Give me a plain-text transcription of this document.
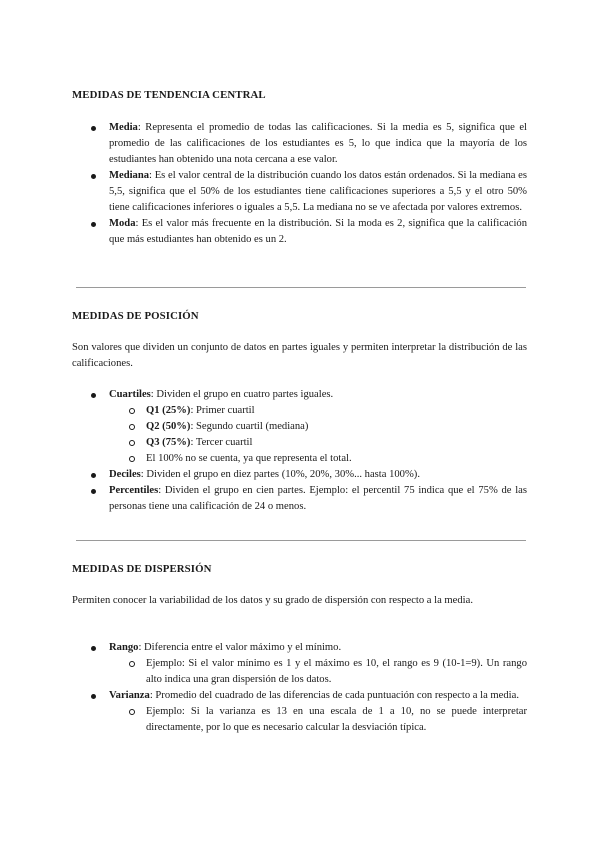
MEDIDAS DE TENDENCIA CENTRAL
Media: Representa el promedio de todas las calificaciones. Si la media es 5, significa que el promedio de las calificaciones de los estudiantes es 5, lo que indica que la mayoría de los estudiantes han obtenido una nota cercana a ese valor.
Mediana: Es el valor central de la distribución cuando los datos están ordenados. Si la mediana es 5,5, significa que el 50% de los estudiantes tiene calificaciones superiores a 5,5 y el otro 50% tiene calificaciones inferiores o iguales a 5,5. La mediana no se ve afectada por valores extremos.
Moda: Es el valor más frecuente en la distribución. Si la moda es 2, significa que la calificación que más estudiantes han obtenido es un 2.
MEDIDAS DE POSICIÓN
Son valores que dividen un conjunto de datos en partes iguales y permiten interpretar la distribución de las calificaciones.
Cuartiles: Dividen el grupo en cuatro partes iguales.
Q1 (25%): Primer cuartil
Q2 (50%): Segundo cuartil (mediana)
Q3 (75%): Tercer cuartil
El 100% no se cuenta, ya que representa el total.
Deciles: Dividen el grupo en diez partes (10%, 20%, 30%... hasta 100%).
Percentiles: Dividen el grupo en cien partes. Ejemplo: el percentil 75 indica que el 75% de las personas tiene una calificación de 24 o menos.
MEDIDAS DE DISPERSIÓN
Permiten conocer la variabilidad de los datos y su grado de dispersión con respecto a la media.
Rango: Diferencia entre el valor máximo y el mínimo.
Ejemplo: Si el valor mínimo es 1 y el máximo es 10, el rango es 9 (10-1=9). Un rango alto indica una gran dispersión de los datos.
Varianza: Promedio del cuadrado de las diferencias de cada puntuación con respecto a la media.
Ejemplo: Si la varianza es 13 en una escala de 1 a 10, no se puede interpretar directamente, por lo que es necesario calcular la desviación típica.
